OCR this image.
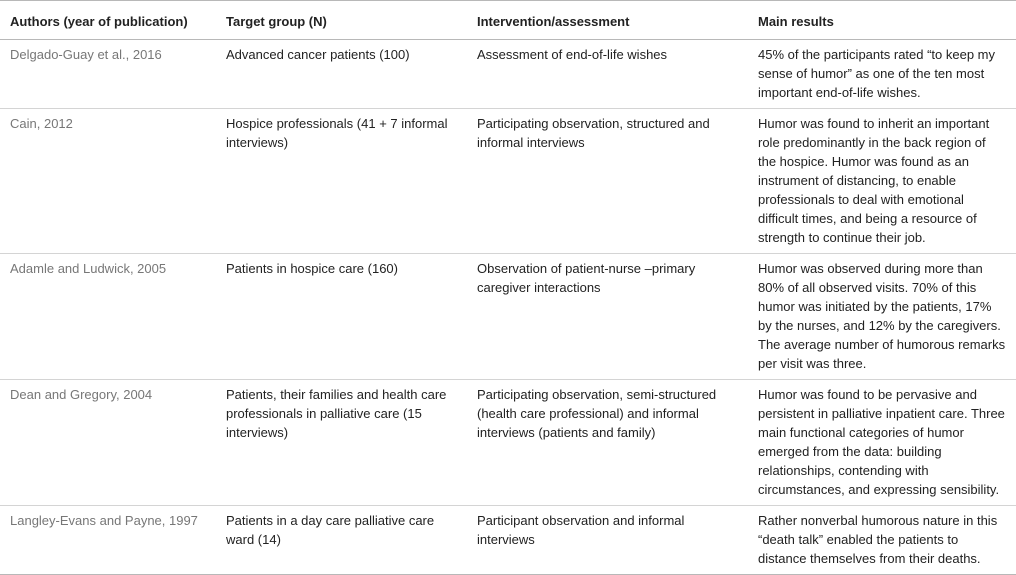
Authors (year of publication)	Target group (N)	Intervention/assessment	Main results
Delgado-Guay et al., 2016	Advanced cancer patients (100)	Assessment of end-of-life wishes	45% of the participants rated “to keep my sense of humor” as one of the ten most important end-of-life wishes.
Cain, 2012	Hospice professionals (41 + 7 informal interviews)	Participating observation, structured and informal interviews	Humor was found to inherit an important role predominantly in the back region of the hospice. Humor was found as an instrument of distancing, to enable professionals to deal with emotional difficult times, and being a resource of strength to continue their job.
Adamle and Ludwick, 2005	Patients in hospice care (160)	Observation of patient-nurse –primary caregiver interactions	Humor was observed during more than 80% of all observed visits. 70% of this humor was initiated by the patients, 17% by the nurses, and 12% by the caregivers. The average number of humorous remarks per visit was three.
Dean and Gregory, 2004	Patients, their families and health care professionals in palliative care (15 interviews)	Participating observation, semi-structured (health care professional) and informal interviews (patients and family)	Humor was found to be pervasive and persistent in palliative inpatient care. Three main functional categories of humor emerged from the data: building relationships, contending with circumstances, and expressing sensibility.
Langley-Evans and Payne, 1997	Patients in a day care palliative care ward (14)	Participant observation and informal interviews	Rather nonverbal humorous nature in this “death talk” enabled the patients to distance themselves from their deaths.
